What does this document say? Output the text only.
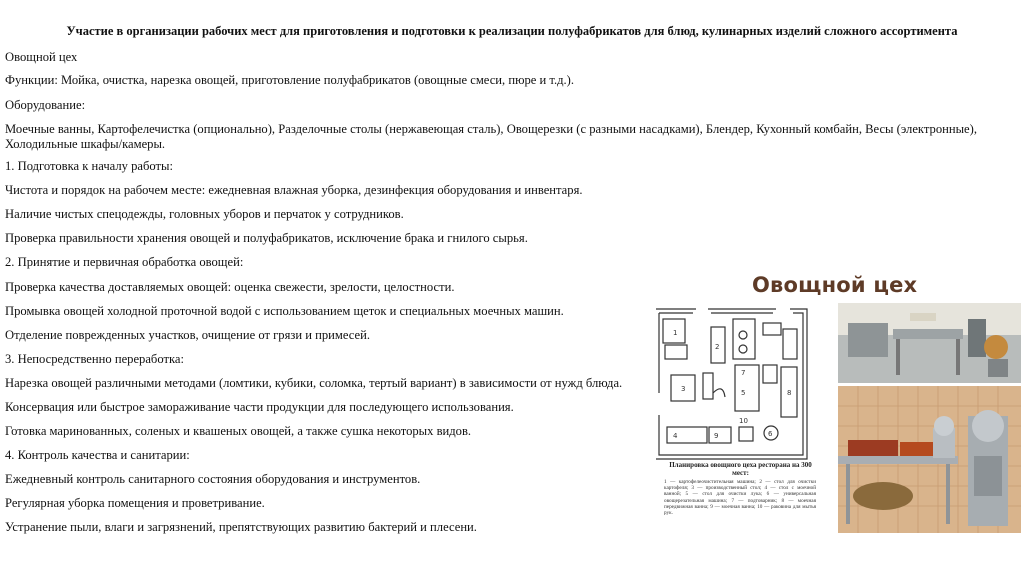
Участие в организации рабочих мест для приготовления и подготовки к реализации полуфабрикатов для блюд, кулинарных изделий сложного ассортимента

Овощной цех

Функции: Мойка, очистка, нарезка овощей, приготовление полуфабрикатов (овощные смеси, пюре и т.д.).

Оборудование:

Моечные ванны, Картофелечистка (опционально), Разделочные столы (нержавеющая сталь), Овощерезки (с разными насадками), Блендер, Кухонный комбайн, Весы (электронные), Холодильные шкафы/камеры.

1. Подготовка к началу работы:

Чистота и порядок на рабочем месте: ежедневная влажная уборка, дезинфекция оборудования и инвентаря.

Наличие чистых спецодежды, головных уборов и перчаток у сотрудников.

Проверка правильности хранения овощей и полуфабрикатов, исключение брака и гнилого сырья.

2. Принятие и первичная обработка овощей:

Проверка качества доставляемых овощей: оценка свежести, зрелости, целостности.

Промывка овощей холодной проточной водой с использованием щеток и специальных моечных машин.

Отделение поврежденных участков, очищение от грязи и примесей.

3. Непосредственно переработка:

Нарезка овощей различными методами (ломтики, кубики, соломка, тертый вариант) в зависимости от нужд блюда.

Консервация или быстрое замораживание части продукции для последующего использования.

Готовка маринованных, соленых и квашеных овощей, а также сушка некоторых видов.

4. Контроль качества и санитарии:

Ежедневный контроль санитарного состояния оборудования и инструментов.

Регулярная уборка помещения и проветривание.

Устранение пыли, влаги и загрязнений, препятствующих развитию бактерий и плесени.

Овощной цех
1
2
3
4
5
6
7
8
9
10
Планировка овощного цеха ресторана на 300 мест:
1 — картофелеочистительная машина; 2 — стол для очистки картофеля; 3 — производственный стол; 4 — стол с моечной ванной; 5 — стол для очистки лука; 6 — универсальная овощерезательная машина; 7 — подтоварник; 8 — моечная передвижная ванна; 9 — моечная ванна; 10 — раковина для мытья рук.
